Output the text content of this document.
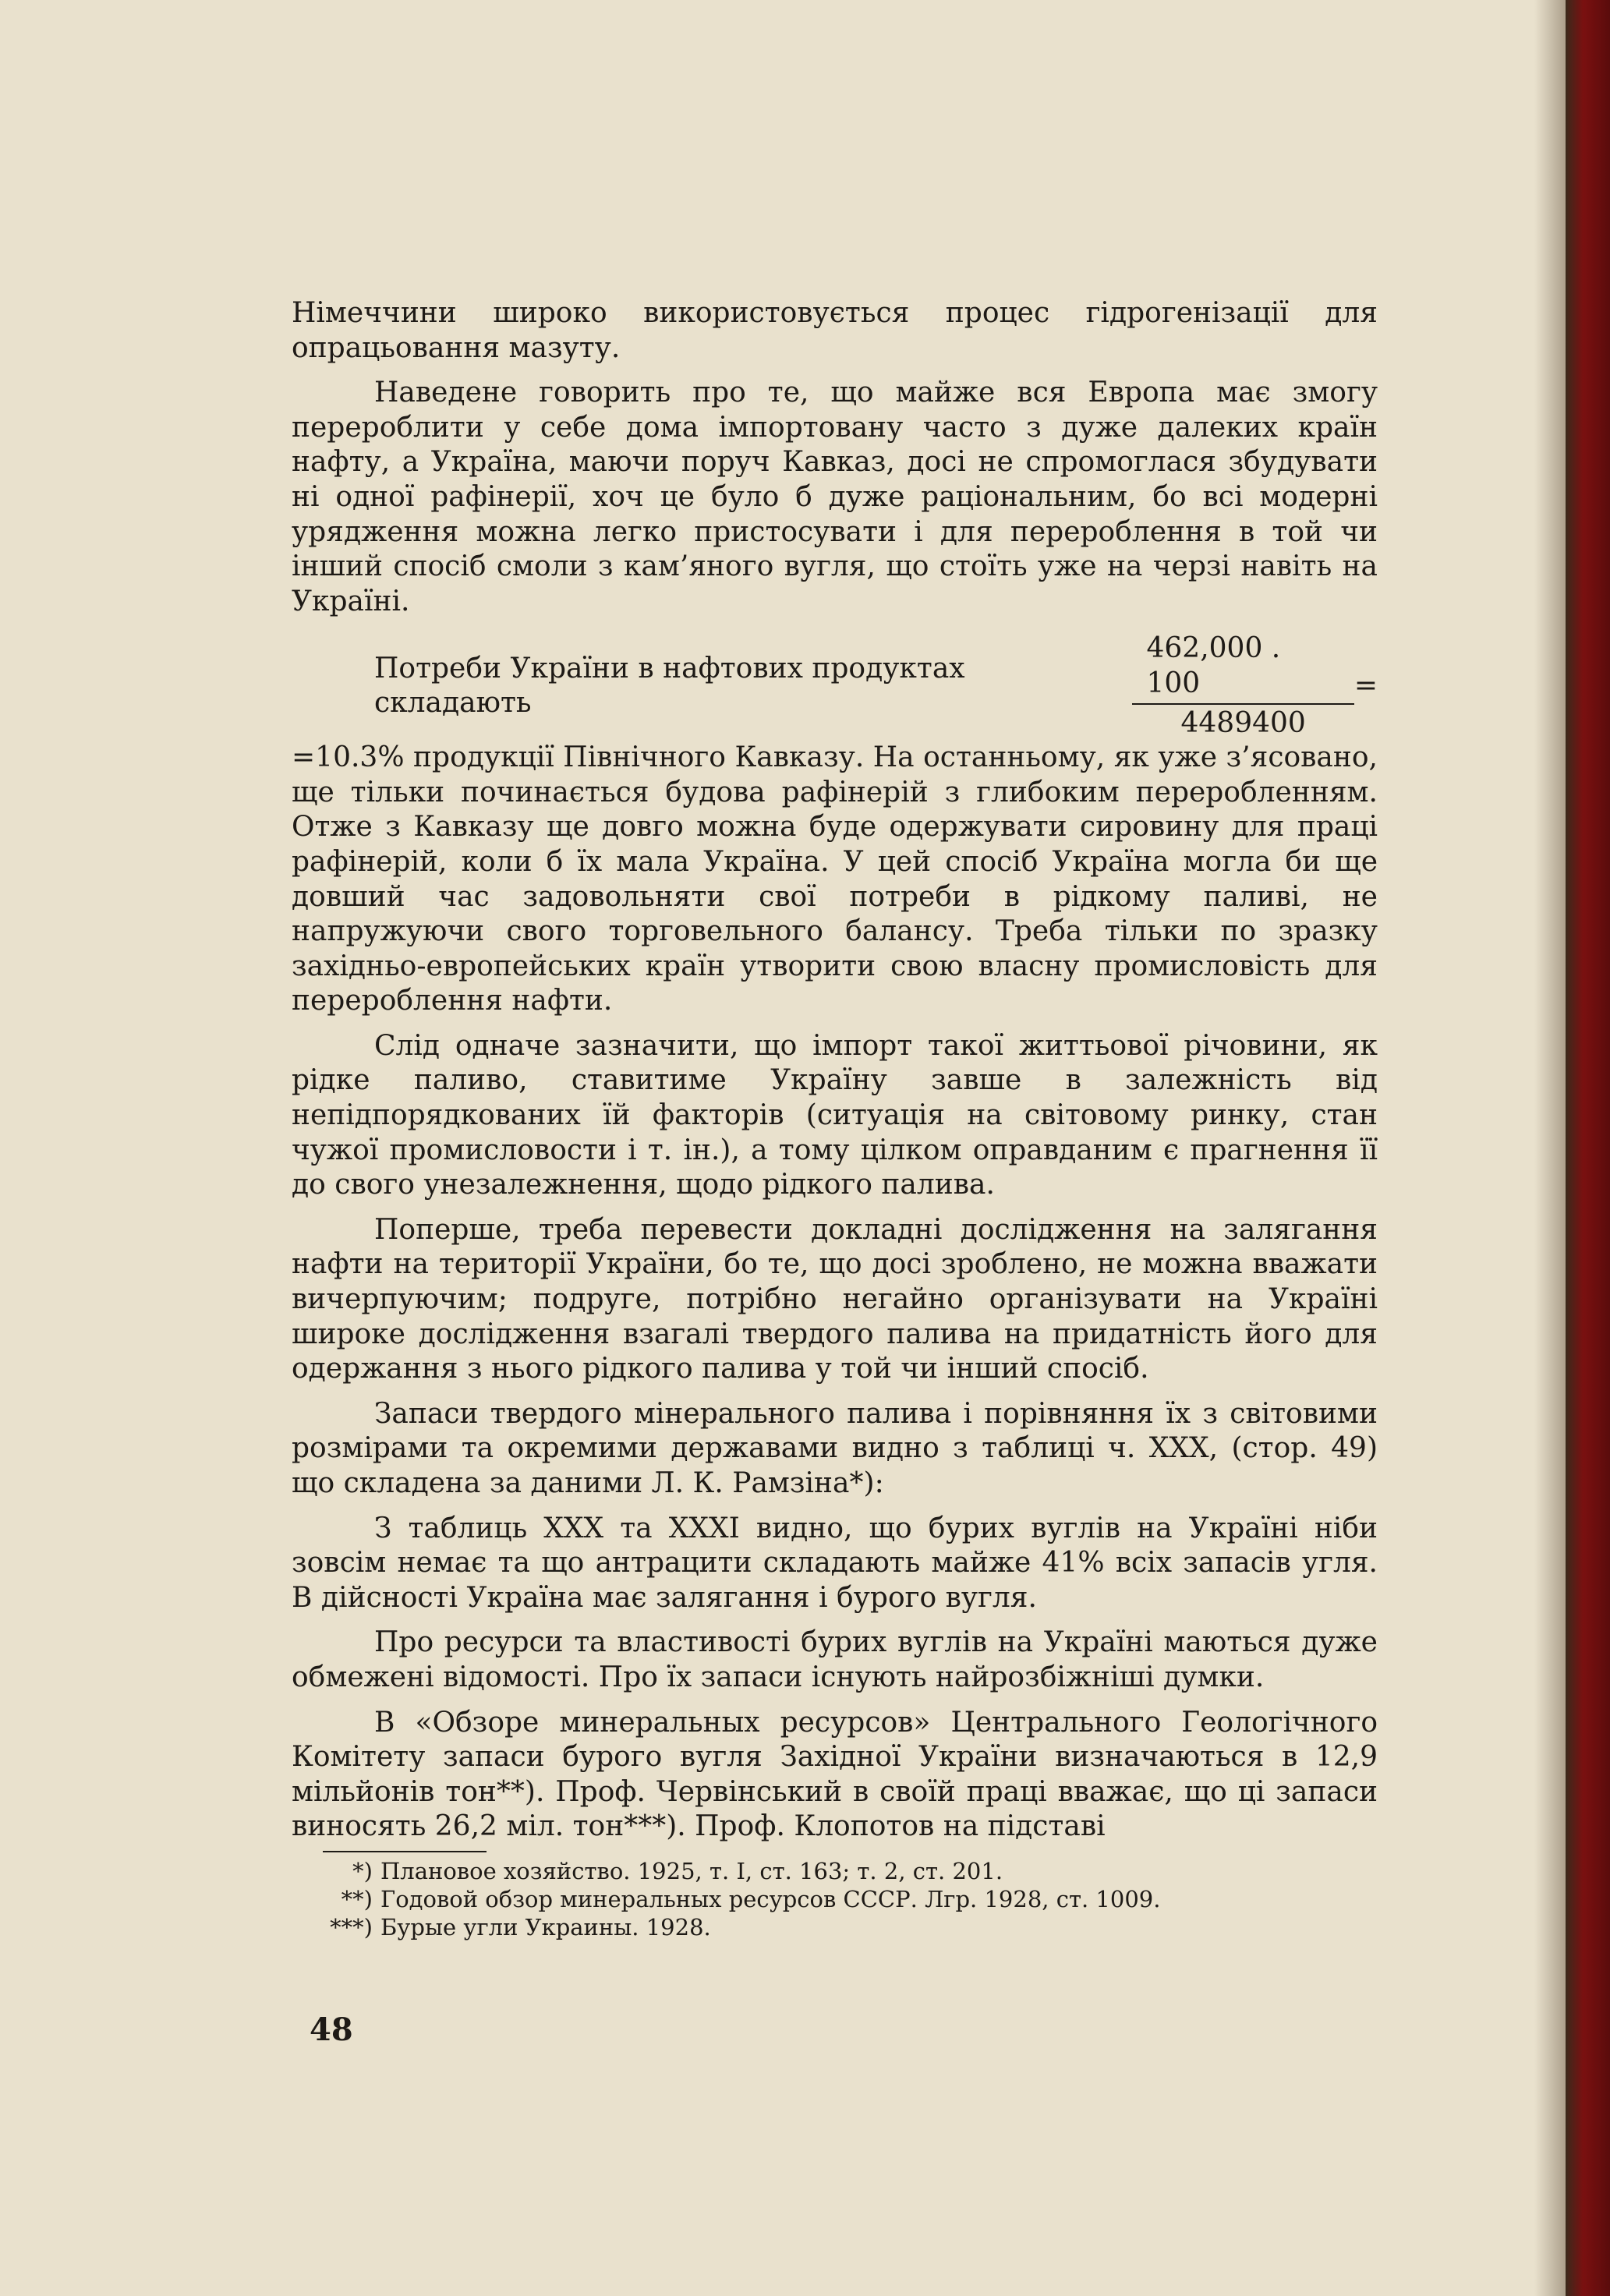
Німеччини широко використовується процес гідрогенізації для опрацьовання мазуту.

Наведене говорить про те, що майже вся Европа має змогу перероблити у себе дома імпортовану часто з дуже далеких країн нафту, а Україна, маючи поруч Кавказ, досі не спромоглася збудувати ні одної рафінерії, хоч це було б дуже раціональним, бо всі модерні урядження можна легко пристосувати і для перероблення в той чи інший спосіб смоли з кам’яного вугля, що стоїть уже на черзі навіть на Україні.

Потреби України в нафтових продуктах складають	$\frac{462,000 . 100}{4489400}$ =

=10.3% продукції Північного Кавказу. На останньому, як уже з’ясовано, ще тільки починається будова рафінерій з глибоким переробленням. Отже з Кавказу ще довго можна буде одержувати сировину для праці рафінерій, коли б їх мала Україна. У цей спосіб Україна могла би ще довший час задовольняти свої потреби в рідкому паливі, не напружуючи свого торговельного балансу. Треба тільки по зразку західньо-европейських країн утворити свою власну промисловість для перероблення нафти.

Слід одначе зазначити, що імпорт такої життьової річовини, як рідке паливо, ставитиме Україну завше в залежність від непідпорядкованих їй факторів (ситуація на світовому ринку, стан чужої промисловости і т. ін.), а тому цілком оправданим є прагнення її до свого унезалежнення, щодо рідкого палива.

Поперше, треба перевести докладні дослідження на залягання нафти на території України, бо те, що досі зроблено, не можна вважати вичерпуючим; подруге, потрібно негайно організувати на Україні широке дослідження взагалі твердого палива на придатність його для одержання з нього рідкого палива у той чи інший спосіб.

Запаси твердого мінерального палива і порівняння їх з світовими розмірами та окремими державами видно з таблиці ч. XXX, (стор. 49) що складена за даними Л. К. Рамзіна*):

З таблиць XXX та XXXI видно, що бурих вуглів на Україні ніби зовсім немає та що антрацити складають майже 41% всіх запасів угля. В дійсності Україна має залягання і бурого вугля.

Про ресурси та властивості бурих вуглів на Україні маються дуже обмежені відомості. Про їх запаси існують найрозбіжніші думки.

В «Обзоре минеральных ресурсов» Центрального Геологічного Комітету запаси бурого вугля Західної України визначаються в 12,9 мільйонів тон**). Проф. Червінський в своїй праці вважає, що ці запаси виносять 26,2 міл. тон***). Проф. Клопотов на підставі

*) Плановое хозяйство. 1925, т. I, ст. 163; т. 2, ст. 201.

**) Годовой обзор минеральных ресурсов СССР. Лгр. 1928, ст. 1009.

***) Бурые угли Украины. 1928.

48
